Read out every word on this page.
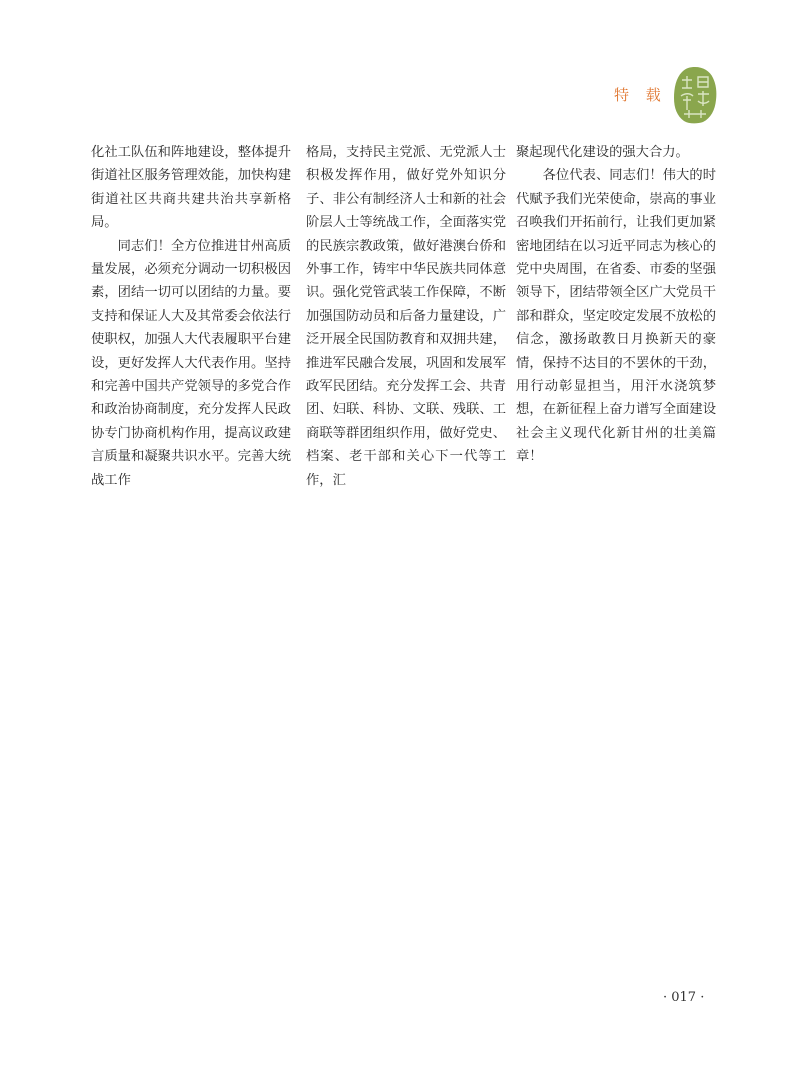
特 载

化社工队伍和阵地建设，整体提升街道社区服务管理效能，加快构建街道社区共商共建共治共享新格局。

同志们！全方位推进甘州高质量发展，必须充分调动一切积极因素，团结一切可以团结的力量。要支持和保证人大及其常委会依法行使职权，加强人大代表履职平台建设，更好发挥人大代表作用。坚持和完善中国共产党领导的多党合作和政治协商制度，充分发挥人民政协专门协商机构作用，提高议政建言质量和凝聚共识水平。完善大统战工作

格局，支持民主党派、无党派人士积极发挥作用，做好党外知识分子、非公有制经济人士和新的社会阶层人士等统战工作，全面落实党的民族宗教政策，做好港澳台侨和外事工作，铸牢中华民族共同体意识。强化党管武装工作保障，不断加强国防动员和后备力量建设，广泛开展全民国防教育和双拥共建，推进军民融合发展，巩固和发展军政军民团结。充分发挥工会、共青团、妇联、科协、文联、残联、工商联等群团组织作用，做好党史、档案、老干部和关心下一代等工作，汇

聚起现代化建设的强大合力。

各位代表、同志们！伟大的时代赋予我们光荣使命，崇高的事业召唤我们开拓前行，让我们更加紧密地团结在以习近平同志为核心的党中央周围，在省委、市委的坚强领导下，团结带领全区广大党员干部和群众，坚定咬定发展不放松的信念，激扬敢教日月换新天的豪情，保持不达目的不罢休的干劲，用行动彰显担当，用汗水浇筑梦想，在新征程上奋力谱写全面建设社会主义现代化新甘州的壮美篇章！

· 017 ·
